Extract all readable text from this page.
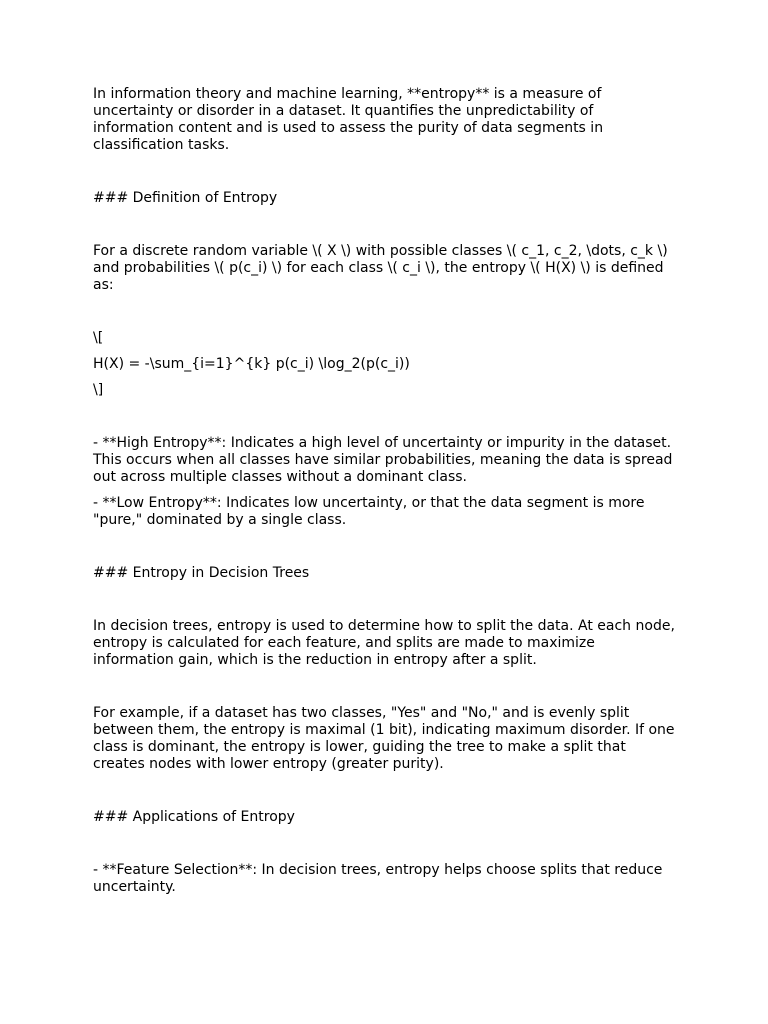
In information theory and machine learning, **entropy** is a measure of uncertainty or disorder in a dataset. It quantifies the unpredictability of information content and is used to assess the purity of data segments in classification tasks.

### Definition of Entropy

For a discrete random variable \( X \) with possible classes \( c_1, c_2, \dots, c_k \) and probabilities \( p(c_i) \) for each class \( c_i \), the entropy \( H(X) \) is defined as:

\[

H(X) = -\sum_{i=1}^{k} p(c_i) \log_2(p(c_i))

\]

- **High Entropy**: Indicates a high level of uncertainty or impurity in the dataset. This occurs when all classes have similar probabilities, meaning the data is spread out across multiple classes without a dominant class.

- **Low Entropy**: Indicates low uncertainty, or that the data segment is more "pure," dominated by a single class.

### Entropy in Decision Trees

In decision trees, entropy is used to determine how to split the data. At each node, entropy is calculated for each feature, and splits are made to maximize information gain, which is the reduction in entropy after a split.

For example, if a dataset has two classes, "Yes" and "No," and is evenly split between them, the entropy is maximal (1 bit), indicating maximum disorder. If one class is dominant, the entropy is lower, guiding the tree to make a split that creates nodes with lower entropy (greater purity).

### Applications of Entropy

- **Feature Selection**: In decision trees, entropy helps choose splits that reduce uncertainty.
